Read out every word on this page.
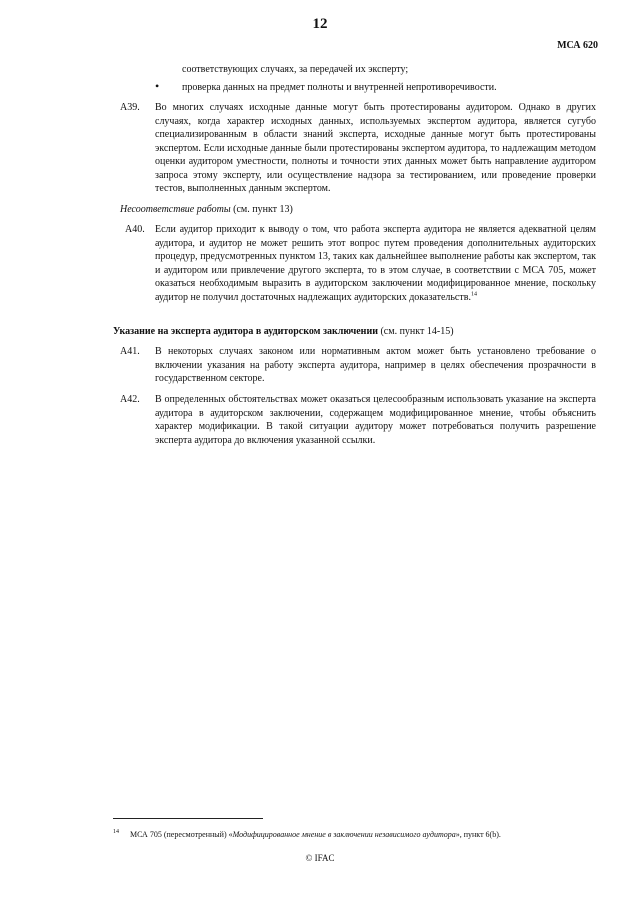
12
МСА 620
соответствующих случаях, за передачей их эксперту;
• проверка данных на предмет полноты и внутренней непротиворечивости.
A39. Во многих случаях исходные данные могут быть протестированы аудитором. Однако в других случаях, когда характер исходных данных, используемых экспертом аудитора, является сугубо специализированным в области знаний эксперта, исходные данные могут быть протестированы экспертом. Если исходные данные были протестированы экспертом аудитора, то надлежащим методом оценки аудитором уместности, полноты и точности этих данных может быть направление аудитором запроса этому эксперту, или осуществление надзора за тестированием, или проведение проверки тестов, выполненных данным экспертом.
Несоответствие работы (см. пункт 13)
A40. Если аудитор приходит к выводу о том, что работа эксперта аудитора не является адекватной целям аудитора, и аудитор не может решить этот вопрос путем проведения дополнительных аудиторских процедур, предусмотренных пунктом 13, таких как дальнейшее выполнение работы как экспертом, так и аудитором или привлечение другого эксперта, то в этом случае, в соответствии с МСА 705, может оказаться необходимым выразить в аудиторском заключении модифицированное мнение, поскольку аудитор не получил достаточных надлежащих аудиторских доказательств.$^{14}$
Указание на эксперта аудитора в аудиторском заключении (см. пункт 14-15)
A41. В некоторых случаях законом или нормативным актом может быть установлено требование о включении указания на работу эксперта аудитора, например в целях обеспечения прозрачности в государственном секторе.
A42. В определенных обстоятельствах может оказаться целесообразным использовать указание на эксперта аудитора в аудиторском заключении, содержащем модифицированное мнение, чтобы объяснить характер модификации. В такой ситуации аудитору может потребоваться получить разрешение эксперта аудитора до включения указанной ссылки.
14 МСА 705 (пересмотренный) «Модифицированное мнение в заключении независимого аудитора», пункт 6(b).
© IFAC
